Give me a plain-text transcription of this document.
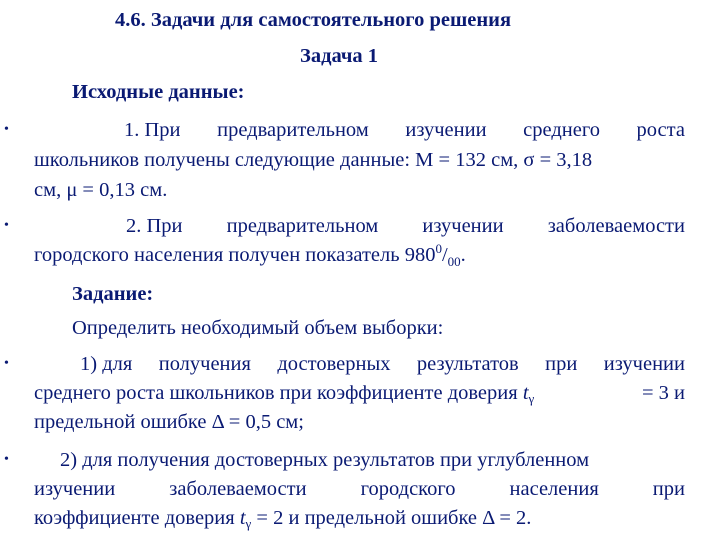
4.6. Задачи для самостоятельного решения
Задача 1
Исходные данные:
•	1. При предварительном изучении среднего роста
школьников получены следующие данные: М = 132 см, σ = 3,18
см, μ = 0,13 см.
•	2. При предварительном изучении заболеваемости
городского населения получен показатель $980^0/_{00}$.
Задание:
Определить необходимый объем выборки:
•	1) для получения достоверных результатов при изучении
среднего роста школьников при коэффициенте доверия tγ	= 3 и
предельной ошибке Δ = 0,5 см;
• 2) для получения достоверных результатов при углубленном
изучении	заболеваемости	городского	населения	при
коэффициенте доверия tγ = 2 и предельной ошибке Δ = 2.
